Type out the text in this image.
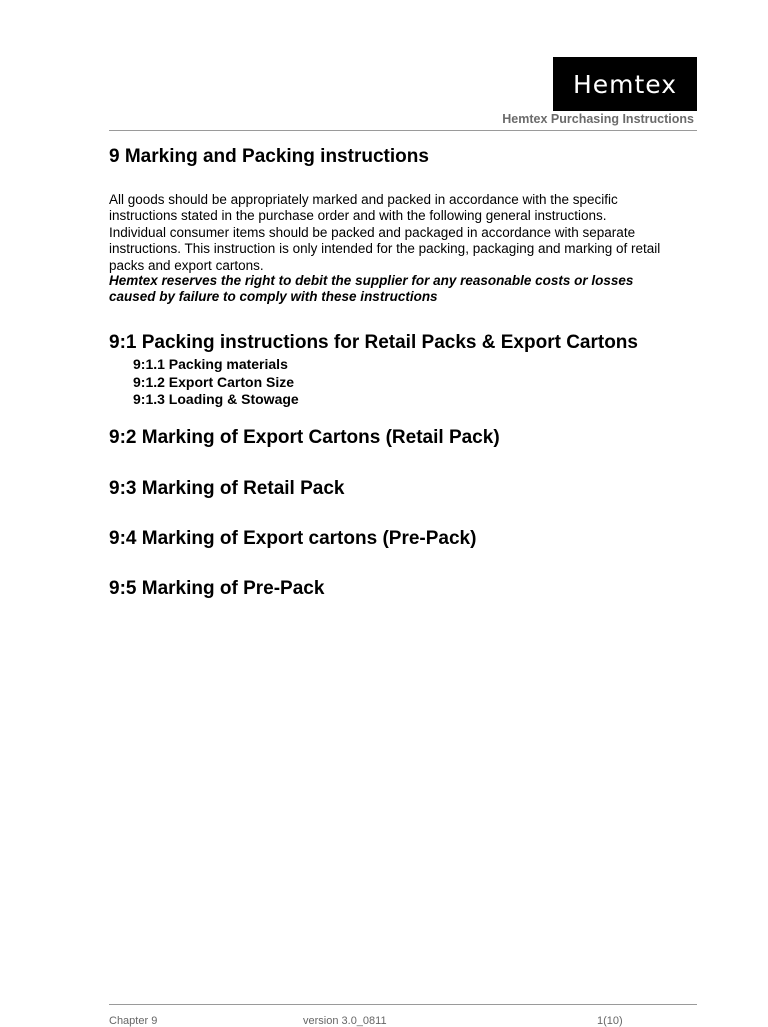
Hemtex
Hemtex Purchasing Instructions
9 Marking and Packing instructions

All goods should be appropriately marked and packed in accordance with the specific

instructions stated in the purchase order and with the following general instructions.

Individual consumer items should be packed and packaged in accordance with separate

instructions. This instruction is only intended for the packing, packaging and marking of retail

packs and export cartons.

Hemtex reserves the right to debit the supplier for any reasonable costs or losses
caused by failure to comply with these instructions
9:1 Packing instructions for Retail Packs & Export Cartons
9:1.1 Packing materials
9:1.2 Export Carton Size
9:1.3 Loading & Stowage
9:2 Marking of Export Cartons (Retail Pack)
9:3 Marking of Retail Pack
9:4 Marking of Export cartons (Pre-Pack)
9:5 Marking of Pre-Pack
Chapter 9	version 3.0_0811	1(10)
